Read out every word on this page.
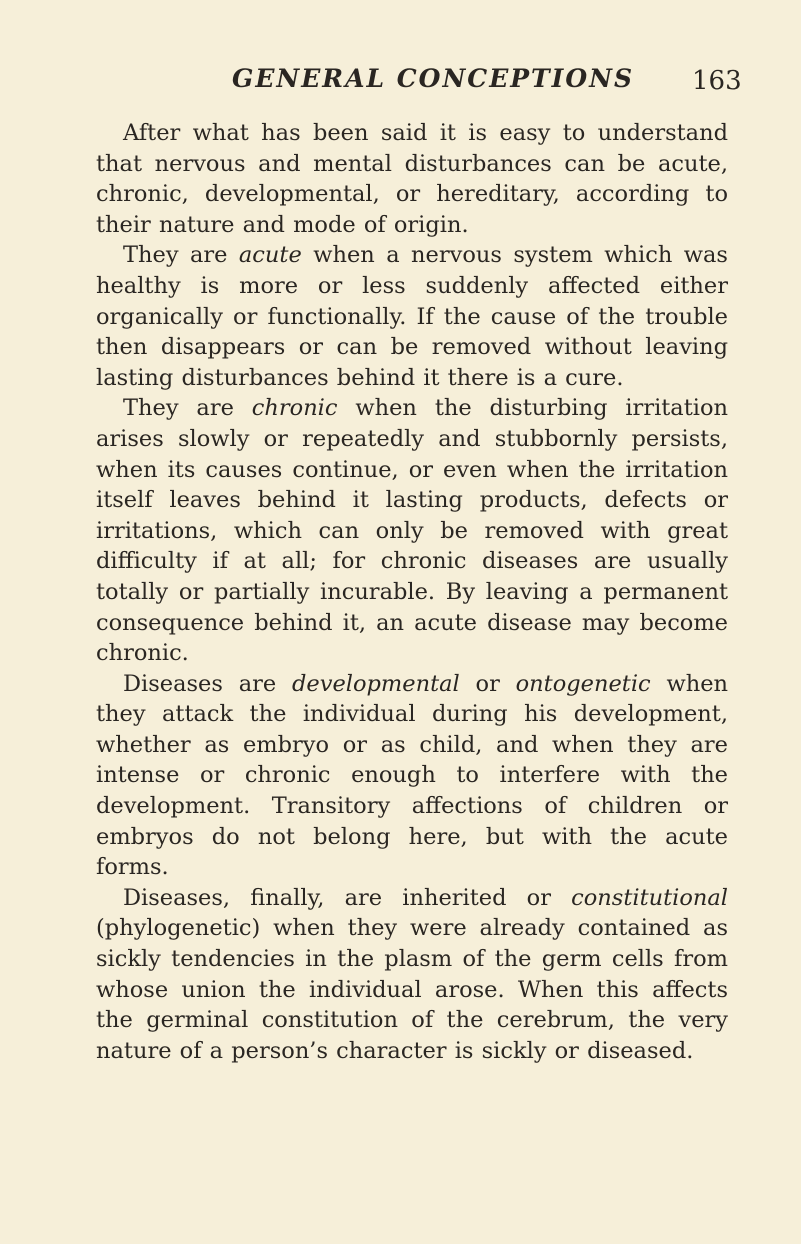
GENERAL CONCEPTIONS 163

After what has been said it is easy to understand that nervous and mental disturbances can be acute, chronic, developmental, or hereditary, according to their nature and mode of origin.

They are acute when a nervous system which was healthy is more or less suddenly affected either organically or functionally. If the cause of the trouble then disappears or can be removed without leaving lasting disturbances behind it there is a cure.

They are chronic when the disturbing irritation arises slowly or repeatedly and stubbornly persists, when its causes continue, or even when the irritation itself leaves behind it lasting products, defects or irritations, which can only be removed with great difficulty if at all; for chronic diseases are usually totally or partially incurable. By leaving a permanent consequence behind it, an acute disease may become chronic.

Diseases are developmental or ontogenetic when they attack the individual during his development, whether as embryo or as child, and when they are intense or chronic enough to interfere with the development. Transitory affections of children or embryos do not belong here, but with the acute forms.

Diseases, finally, are inherited or constitutional (phylogenetic) when they were already contained as sickly tendencies in the plasm of the germ cells from whose union the individual arose. When this affects the germinal constitution of the cerebrum, the very nature of a person’s character is sickly or diseased.
